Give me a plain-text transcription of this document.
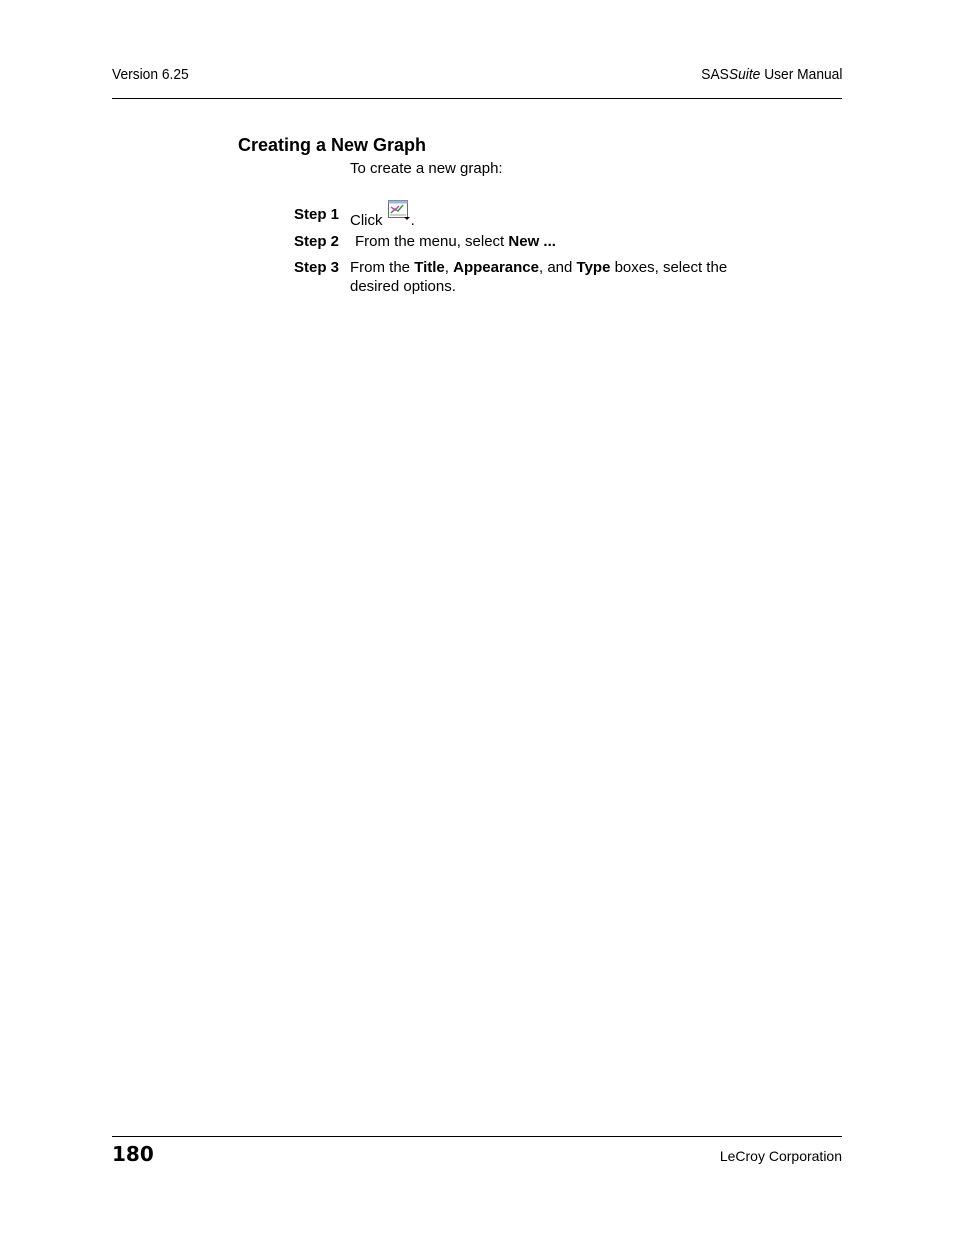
Version 6.25	SASSuite User Manual
Creating a New Graph
To create a new graph:
Step 1 Click .
Step 2 From the menu, select New ...
Step 3 From the Title, Appearance, and Type boxes, select the desired options.
180	LeCroy Corporation
